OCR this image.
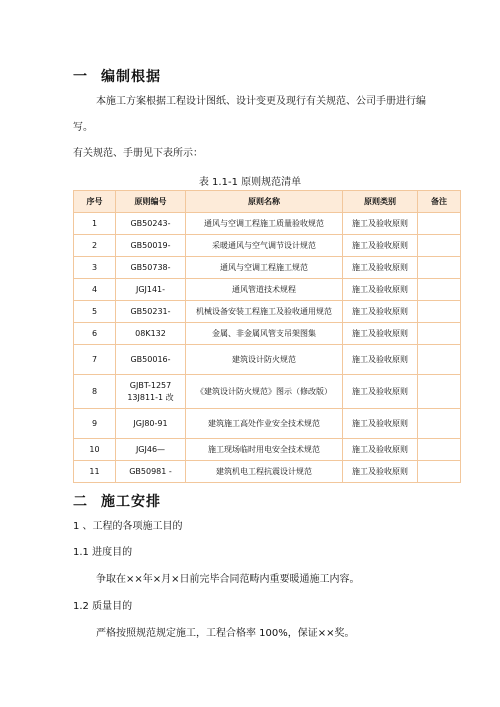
一 编制根据
本施工方案根据工程设计图纸、设计变更及现行有关规范、公司手册进行编
写。
有关规范、手册见下表所示：
表 1.1-1 原则规范清单
序号	原则编号	原则名称	原则类别	备注
1	GB50243-	通风与空调工程施工质量验收规范	施工及验收原则	
2	GB50019-	采暖通风与空气调节设计规范	施工及验收原则	
3	GB50738-	通风与空调工程施工规范	施工及验收原则	
4	JGJ141-	通风管道技术规程	施工及验收原则	
5	GB50231-	机械设备安装工程施工及验收通用规范	施工及验收原则	
6	08K132	金属、非金属风管支吊架图集	施工及验收原则	
7	GB50016-	建筑设计防火规范	施工及验收原则	
8	GJBT-1257
13J811-1 改	《建筑设计防火规范》图示（修改版）	施工及验收原则	
9	JGJ80-91	建筑施工高处作业安全技术规范	施工及验收原则	
10	JGJ46—	施工现场临时用电安全技术规范	施工及验收原则	
11	GB50981 -	建筑机电工程抗震设计规范	施工及验收原则	
二 施工安排
1 、工程的各项施工目的
1.1 进度目的
争取在××年×月×日前完毕合同范畴内重要暖通施工内容。
1.2 质量目的
严格按照规范规定施工，工程合格率 100%，保证××奖。
